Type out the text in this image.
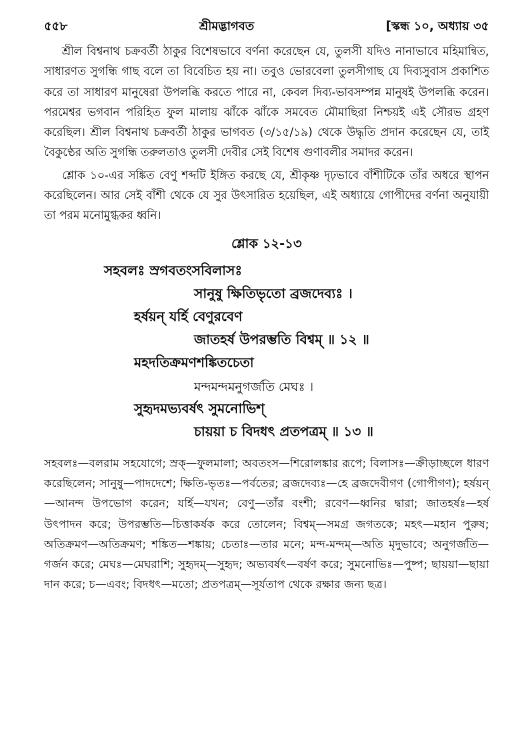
৫৫৮	শ্রীমদ্ভাগবত	[স্কন্ধ ১০, অধ্যায় ৩৫

শ্রীল বিশ্বনাথ চক্রবর্তী ঠাকুর বিশেষভাবে বর্ণনা করেছেন যে, তুলসী যদিও নানাভাবে মহিমান্বিত, সাধারণত সুগন্ধি গাছ বলে তা বিবেচিত হয় না। তবুও ভোরবেলা তুলসীগাছ যে দিব্যসুবাস প্রকাশিত করে তা সাধারণ মানুষেরা উপলব্ধি করতে পারে না, কেবল দিব্য-ভাবসম্পন্ন মানুষই উপলব্ধি করেন। পরমেশ্বর ভগবান পরিহিত ফুল মালায় ঝাঁকে ঝাঁকে সমবেত মৌমাছিরা নিশ্চয়ই এই সৌরভ গ্রহণ করেছিল। শ্রীল বিশ্বনাথ চক্রবর্তী ঠাকুর ভাগবত (৩/১৫/১৯) থেকে উদ্ধৃতি প্রদান করেছেন যে, তাই বৈকুণ্ঠের অতি সুগন্ধি তরুলতাও তুলসী দেবীর সেই বিশেষ গুণাবলীর সমাদর করেন।

শ্লোক ১০-এর সঙ্কিত বেণু শব্দটি ইঙ্গিত করছে যে, শ্রীকৃষ্ণ দৃঢ়ভাবে বাঁশীটিকে তাঁর অধরে স্থাপন করেছিলেন। আর সেই বাঁশী থেকে যে সুর উৎসারিত হয়েছিল, এই অধ্যায়ে গোপীদের বর্ণনা অনুযায়ী তা পরম মনোমুগ্ধকর ধ্বনি।

শ্লোক ১২-১৩
সহবলঃ স্রগবতংসবিলাসঃ
সানুষু ক্ষিতিভৃতো ব্রজদেব্যঃ ।
হর্ষয়ন্ যর্হি বেণুরবেণ
জাতহর্ষ উপরম্ভতি বিশ্বম্ ॥ ১২ ॥
মহদতিক্রমণশঙ্কিতচেতা
মন্দমন্দমনুগর্জতি মেঘঃ ।
সুহৃদমভ্যবর্ষৎ সুমনোভিশ্
চায়য়া চ বিদধৎ প্রতপত্রম্ ॥ ১৩ ॥
সহবলঃ—বলরাম সহযোগে; স্রক্—ফুলমালা; অবতংস—শিরোলঙ্কার রূপে; বিলাসঃ—ক্রীড়াচ্ছলে ধারণ করেছিলেন; সানুষু—পাদদেশে; ক্ষিতি-ভৃতঃ—পর্বতের; ব্রজদেব্যঃ—হে ব্রজদেবীগণ (গোপীগণ); হর্ষয়ন্—আনন্দ উপভোগ করেন; যর্হি—যখন; বেণু—তাঁর বংশী; রবেণ—ধ্বনির দ্বারা; জাতহর্ষঃ—হর্ষ উৎপাদন করে; উপরম্ভতি—চিত্তাকর্ষক করে তোলেন; বিশ্বম্—সমগ্র জগতকে; মহৎ—মহান পুরুষ; অতিক্রমণ—অতিক্রমণ; শঙ্কিত—শঙ্কায়; চেতাঃ—তার মনে; মন্দ-মন্দম্—অতি মৃদুভাবে; অনুগর্জতি—গর্জন করে; মেঘঃ—মেঘরাশি; সুহৃদম্—সুহৃদ; অভ্যবর্ষৎ—বর্ষণ করে; সুমনোভিঃ—পুষ্প; ছায়য়া—ছায়া দান করে; চ—এবং; বিদধৎ—মতো; প্রতপত্রম্—সূর্যতাপ থেকে রক্ষার জন্য ছত্র।
